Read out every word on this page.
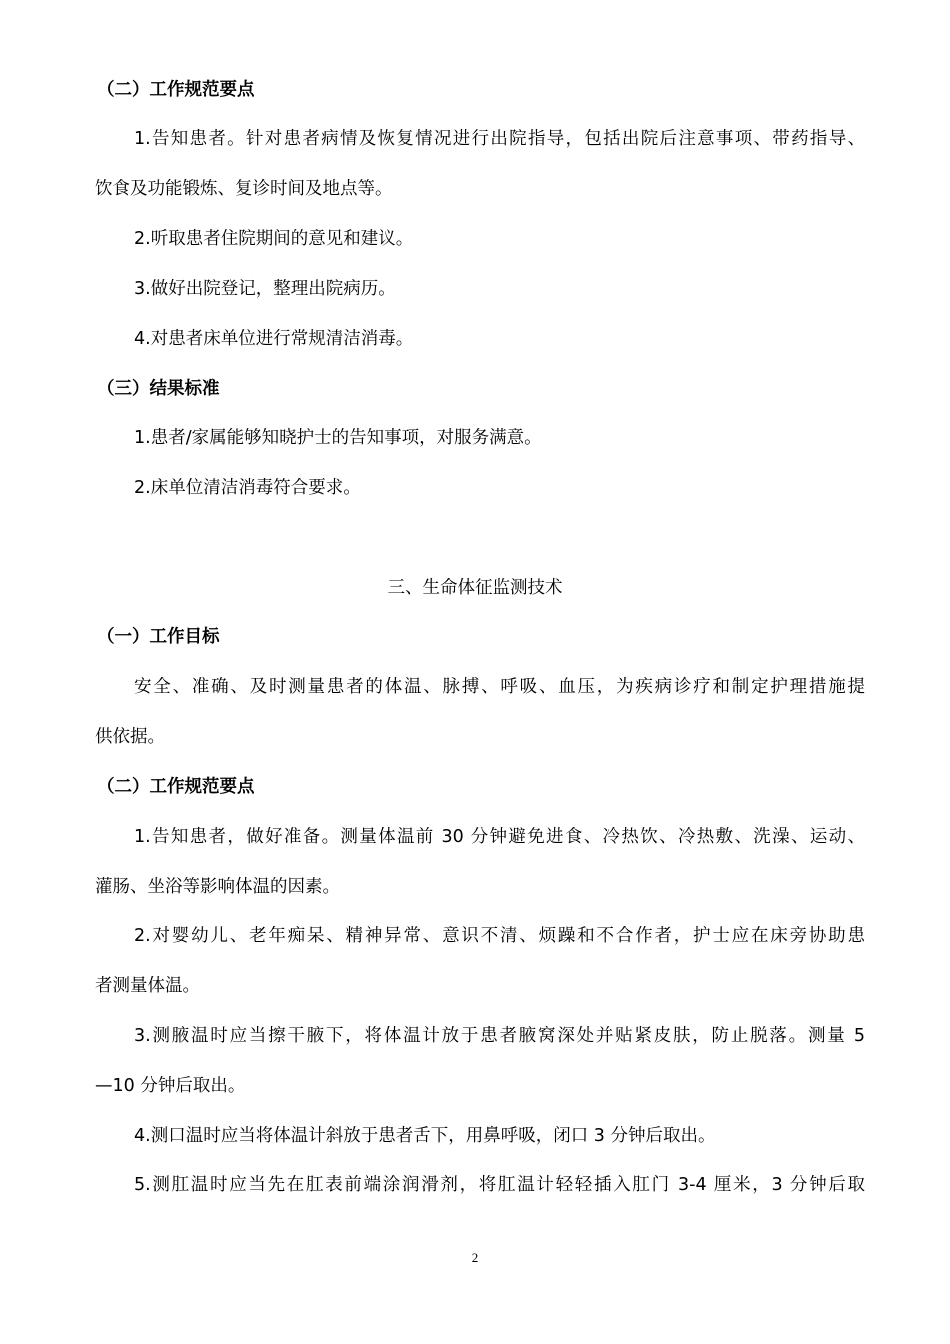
（二）工作规范要点
1.告知患者。针对患者病情及恢复情况进行出院指导，包括出院后注意事项、带药指导、
饮食及功能锻炼、复诊时间及地点等。
2.听取患者住院期间的意见和建议。
3.做好出院登记，整理出院病历。
4.对患者床单位进行常规清洁消毒。
（三）结果标准
1.患者/家属能够知晓护士的告知事项，对服务满意。
2.床单位清洁消毒符合要求。
三、生命体征监测技术
（一）工作目标
安全、准确、及时测量患者的体温、脉搏、呼吸、血压，为疾病诊疗和制定护理措施提
供依据。
（二）工作规范要点
1.告知患者，做好准备。测量体温前 30 分钟避免进食、冷热饮、冷热敷、洗澡、运动、
灌肠、坐浴等影响体温的因素。
2.对婴幼儿、老年痴呆、精神异常、意识不清、烦躁和不合作者，护士应在床旁协助患
者测量体温。
3.测腋温时应当擦干腋下，将体温计放于患者腋窝深处并贴紧皮肤，防止脱落。测量 5
—10 分钟后取出。
4.测口温时应当将体温计斜放于患者舌下，用鼻呼吸，闭口 3 分钟后取出。
5.测肛温时应当先在肛表前端涂润滑剂，将肛温计轻轻插入肛门 3-4 厘米，3 分钟后取
2
